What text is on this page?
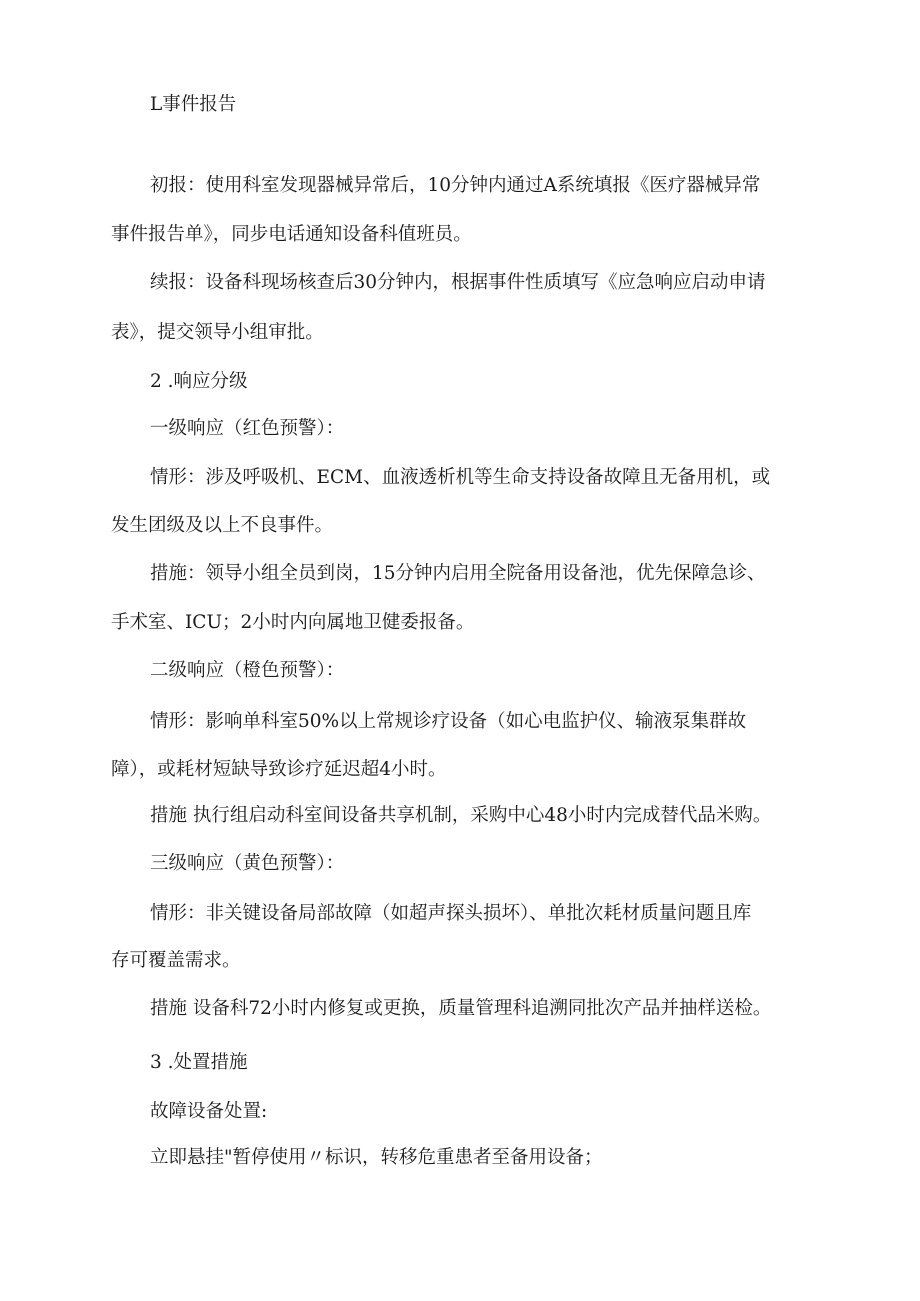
L事件报告
初报：使用科室发现器械异常后，10分钟内通过A系统填报《医疗器械异常
事件报告单》，同步电话通知设备科值班员。
续报：设备科现场核查后30分钟内，根据事件性质填写《应急响应启动申请
表》，提交领导小组审批。
2 .响应分级
一级响应（红色预警）：
情形：涉及呼吸机、ECM、血液透析机等生命支持设备故障且无备用机，或
发生团级及以上不良事件。
措施：领导小组全员到岗，15分钟内启用全院备用设备池，优先保障急诊、
手术室、ICU；2小时内向属地卫健委报备。
二级响应（橙色预警）：
情形：影响单科室50%以上常规诊疗设备（如心电监护仪、输液泵集群故
障），或耗材短缺导致诊疗延迟超4小时。
措施 执行组启动科室间设备共享机制，采购中心48小时内完成替代品米购。
三级响应（黄色预警）：
情形：非关键设备局部故障（如超声探头损坏）、单批次耗材质量问题且库
存可覆盖需求。
措施 设备科72小时内修复或更换，质量管理科追溯同批次产品并抽样送检。
3 .处置措施
故障设备处置:
立即悬挂"暂停使用〃标识，转移危重患者至备用设备；
